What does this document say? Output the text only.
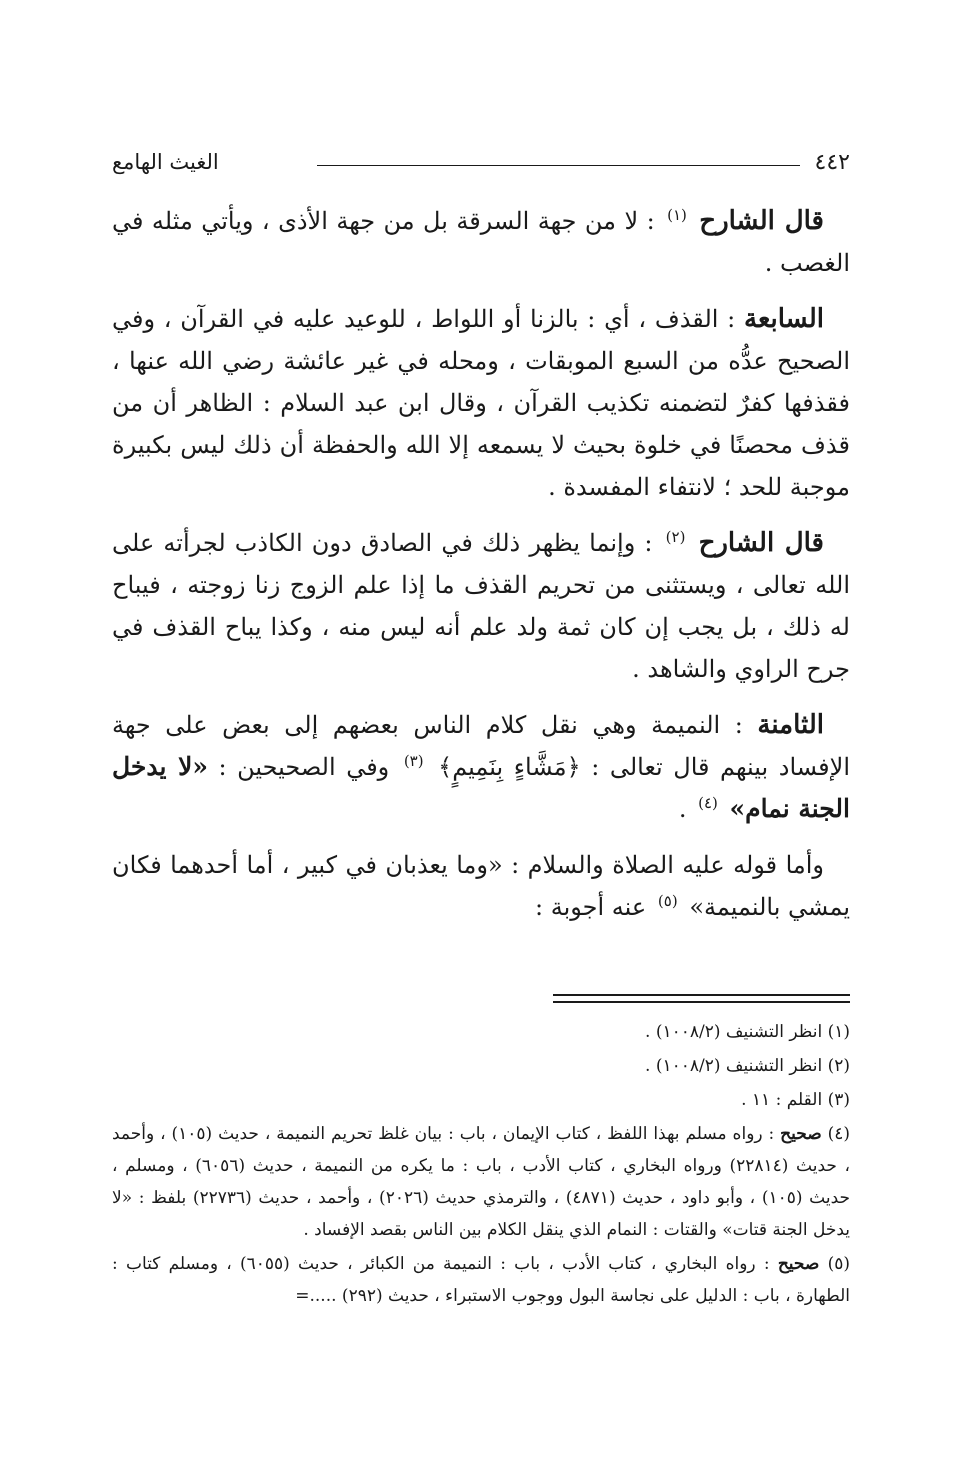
الغيث الهامع	٤٤٢

قال الشارح $^{(١)}$ : لا من جهة السرقة بل من جهة الأذى ، ويأتي مثله في الغصب .

السابعة : القذف ، أي : بالزنا أو اللواط ، للوعيد عليه في القرآن ، وفي الصحيح عدُّه من السبع الموبقات ، ومحله في غير عائشة رضي الله عنها ، فقذفها كفرٌ لتضمنه تكذيب القرآن ، وقال ابن عبد السلام : الظاهر أن من قذف محصنًا في خلوة بحيث لا يسمعه إلا الله والحفظة أن ذلك ليس بكبيرة موجبة للحد ؛ لانتفاء المفسدة .

قال الشارح $^{(٢)}$ : وإنما يظهر ذلك في الصادق دون الكاذب لجرأته على الله تعالى ، ويستثنى من تحريم القذف ما إذا علم الزوج زنا زوجته ، فيباح له ذلك ، بل يجب إن كان ثمة ولد علم أنه ليس منه ، وكذا يباح القذف في جرح الراوي والشاهد .

الثامنة : النميمة وهي نقل كلام الناس بعضهم إلى بعض على جهة الإفساد بينهم قال تعالى : ﴿مَشَّاءٍ بِنَمِيمٍ﴾ $^{(٣)}$ وفي الصحيحين : «لا يدخل الجنة نمام» $^{(٤)}$ .

وأما قوله عليه الصلاة والسلام : «وما يعذبان في كبير ، أما أحدهما فكان يمشي بالنميمة» $^{(٥)}$ عنه أجوبة :

(١) انظر التشنيف (١٠٠٨/٢) .

(٢) انظر التشنيف (١٠٠٨/٢) .

(٣) القلم : ١١ .

(٤) صحيح : رواه مسلم بهذا اللفظ ، كتاب الإيمان ، باب : بيان غلظ تحريم النميمة ، حديث (١٠٥) ، وأحمد ، حديث (٢٢٨١٤) ورواه البخاري ، كتاب الأدب ، باب : ما يكره من النميمة ، حديث (٦٠٥٦) ، ومسلم ، حديث (١٠٥) ، وأبو داود ، حديث (٤٨٧١) ، والترمذي حديث (٢٠٢٦) ، وأحمد ، حديث (٢٢٧٣٦) بلفظ : «لا يدخل الجنة قتات» والقتات : النمام الذي ينقل الكلام بين الناس بقصد الإفساد .

(٥) صحيح : رواه البخاري ، كتاب الأدب ، باب : النميمة من الكبائر ، حديث (٦٠٥٥) ، ومسلم كتاب : الطهارة ، باب : الدليل على نجاسة البول ووجوب الاستبراء ، حديث (٢٩٢) .....=
